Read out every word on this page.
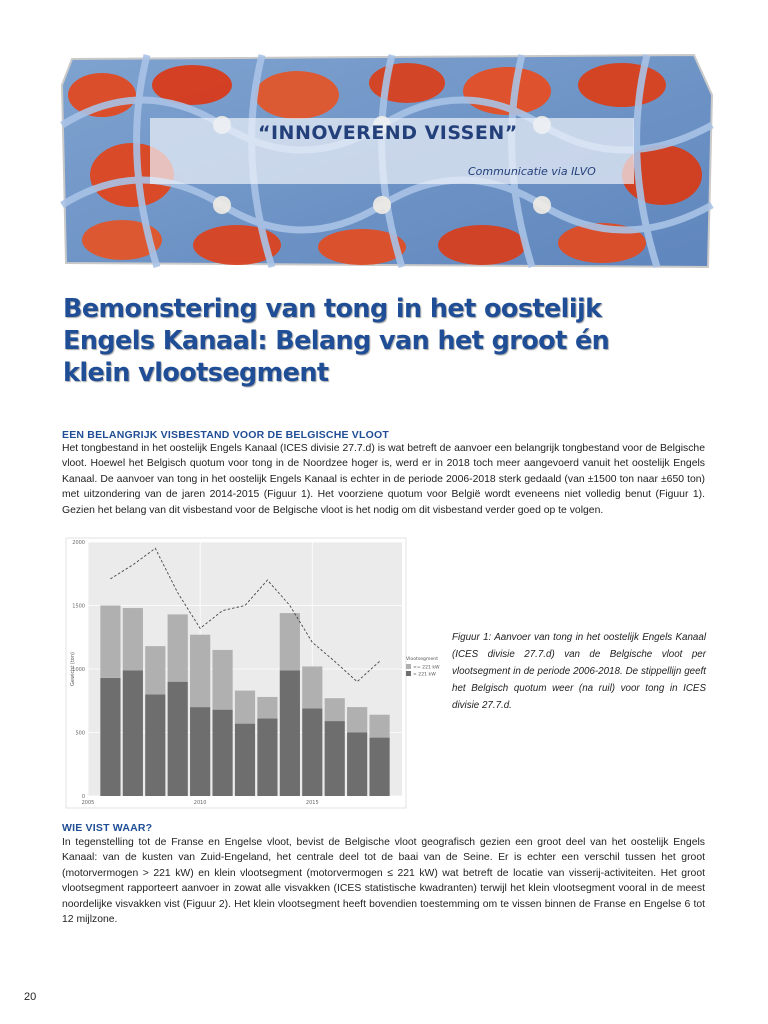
“INNOVEREND VISSEN”
Communicatie via ILVO
Bemonstering van tong in het oostelijk Engels Kanaal: Belang van het groot én klein vlootsegment
EEN BELANGRIJK VISBESTAND VOOR DE BELGISCHE VLOOT

Het tongbestand in het oostelijk Engels Kanaal (ICES divisie 27.7.d) is wat betreft de aanvoer een belangrijk tongbestand voor de Belgische vloot. Hoewel het Belgisch quotum voor tong in de Noordzee hoger is, werd er in 2018 toch meer aangevoerd vanuit het oostelijk Engels Kanaal. De aanvoer van tong in het oostelijk Engels Kanaal is echter in de periode 2006-2018 sterk gedaald (van ±1500 ton naar ±650 ton) met uitzondering van de jaren 2014-2015 (Figuur 1). Het voorziene quotum voor België wordt eveneens niet volledig benut (Figuur 1). Gezien het belang van dit visbestand voor de Belgische vloot is het nodig om dit visbestand verder goed op te volgen.

0
500
1000
1500
2000
2005	2010	2015
Gewicht (ton)	Vlootsegment
<= 221 kW
> 221 kW

Figuur 1: Aanvoer van tong in het oostelijk Engels Kanaal (ICES divisie 27.7.d) van de Belgische vloot per vlootsegment in de periode 2006-2018. De stippellijn geeft het Belgisch quotum weer (na ruil) voor tong in ICES divisie 27.7.d.

WIE VIST WAAR?

In tegenstelling tot de Franse en Engelse vloot, bevist de Belgische vloot geografisch gezien een groot deel van het oostelijk Engels Kanaal: van de kusten van Zuid-Engeland, het centrale deel tot de baai van de Seine. Er is echter een verschil tussen het groot (motorvermogen > 221 kW) en klein vlootsegment (motorvermogen ≤ 221 kW) wat betreft de locatie van visserij-activiteiten. Het groot vlootsegment rapporteert aanvoer in zowat alle visvakken (ICES statistische kwadranten) terwijl het klein vlootsegment vooral in de meest noordelijke visvakken vist (Figuur 2). Het klein vlootsegment heeft bovendien toestemming om te vissen binnen de Franse en Engelse 6 tot 12 mijlzone.

20
